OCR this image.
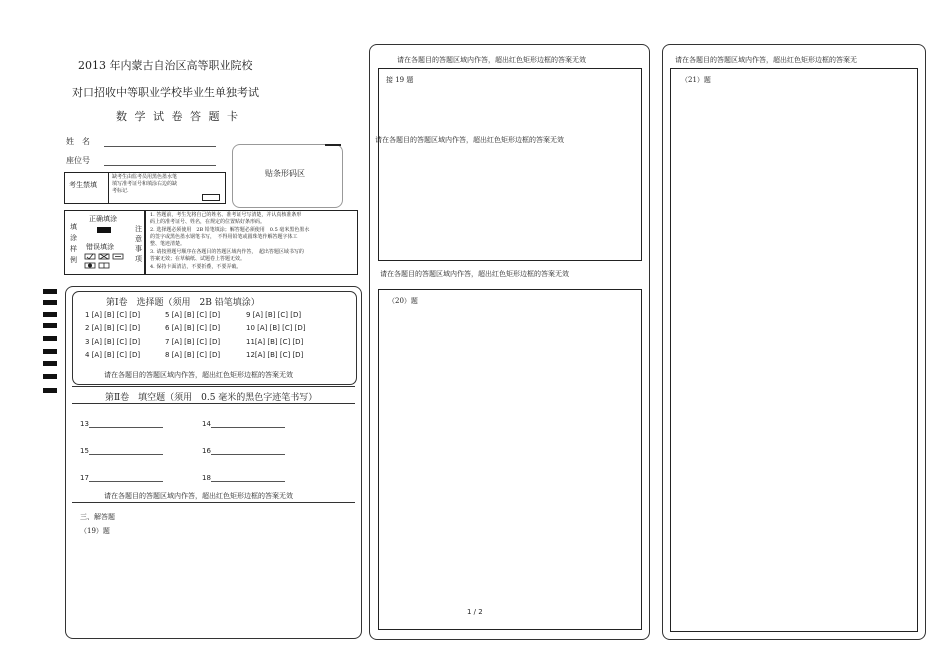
2013 年内蒙古自治区高等职业院校
对口招收中等职业学校毕业生单独考试
数 学 试 卷 答 题 卡
姓　名
座位号
贴条形码区
考生禁填
缺考生由监考员用黑色墨水笔
填写准考证号和填涂右边的缺
考标记.
填
涂
样
例
正确填涂
错误填涂
注
意
事
项
1. 答题前，考生先将自己的姓名、准考证号写清楚，并认真核准条形
码上的准考证号、姓名，在规定的位置贴好条形码。
2. 选择题必须使用　2B 铅笔填涂；解答题必须使用　0.5 毫米黑色墨水
的签字或黑色墨水钢笔书写，　不得用铅笔或圆珠笔作解答题字体工
整、笔迹清楚。
3. 请按照题号顺序在各题目的答题区域内作答，　超出答题区域书写的
答案无效；在草稿纸、试题卷上答题无效。
4. 保持卡面清洁，不要折叠，不要弄破。
第Ⅰ卷　选择题（须用　2B 铅笔填涂）
1 [A] [B] [C] [D]	5 [A] [B] [C] [D]	9 [A] [B] [C] [D]
2 [A] [B] [C] [D]	6 [A] [B] [C] [D]	10 [A] [B] [C] [D]
3 [A] [B] [C] [D]	7 [A] [B] [C] [D]	11[A] [B] [C] [D]
4 [A] [B] [C] [D]	8 [A] [B] [C] [D]	12[A] [B] [C] [D]
请在各题目的答题区域内作答，超出红色矩形边框的答案无效
第Ⅱ卷　填空题（须用　0.5 毫米的黑色字迹笔书写）
13	14
15	16
17	18
请在各题目的答题区域内作答，超出红色矩形边框的答案无效
三、解答题
（19）题
请在各题目的答题区域内作答，超出红色矩形边框的答案无效
接 19 题
请在各题目的答题区域内作答，超出红色矩形边框的答案无效
请在各题目的答题区域内作答，超出红色矩形边框的答案无效
（20）题
1 / 2
请在各题目的答题区域内作答，超出红色矩形边框的答案无
（21）题
